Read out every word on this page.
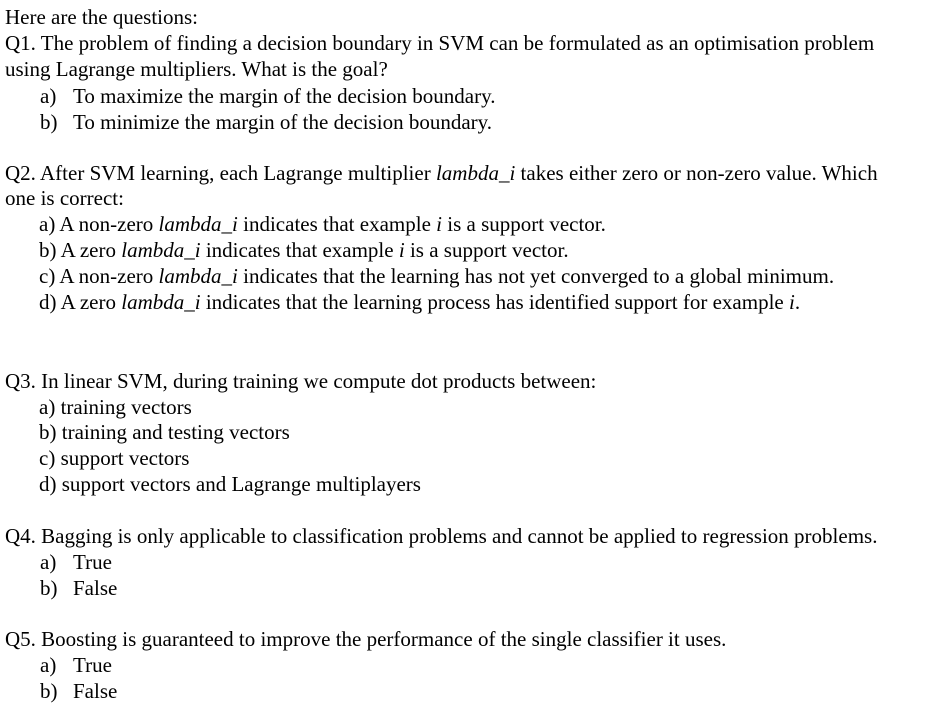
Here are the questions:
Q1. The problem of finding a decision boundary in SVM can be formulated as an optimisation problem
using Lagrange multipliers. What is the goal?
a) To maximize the margin of the decision boundary.
b) To minimize the margin of the decision boundary.
Q2. After SVM learning, each Lagrange multiplier lambda_i takes either zero or non-zero value. Which
one is correct:
a) A non-zero lambda_i indicates that example i is a support vector.
b) A zero lambda_i indicates that example i is a support vector.
c) A non-zero lambda_i indicates that the learning has not yet converged to a global minimum.
d) A zero lambda_i indicates that the learning process has identified support for example i.
Q3. In linear SVM, during training we compute dot products between:
a) training vectors
b) training and testing vectors
c) support vectors
d) support vectors and Lagrange multiplayers
Q4. Bagging is only applicable to classification problems and cannot be applied to regression problems.
a) True
b) False
Q5. Boosting is guaranteed to improve the performance of the single classifier it uses.
a) True
b) False
